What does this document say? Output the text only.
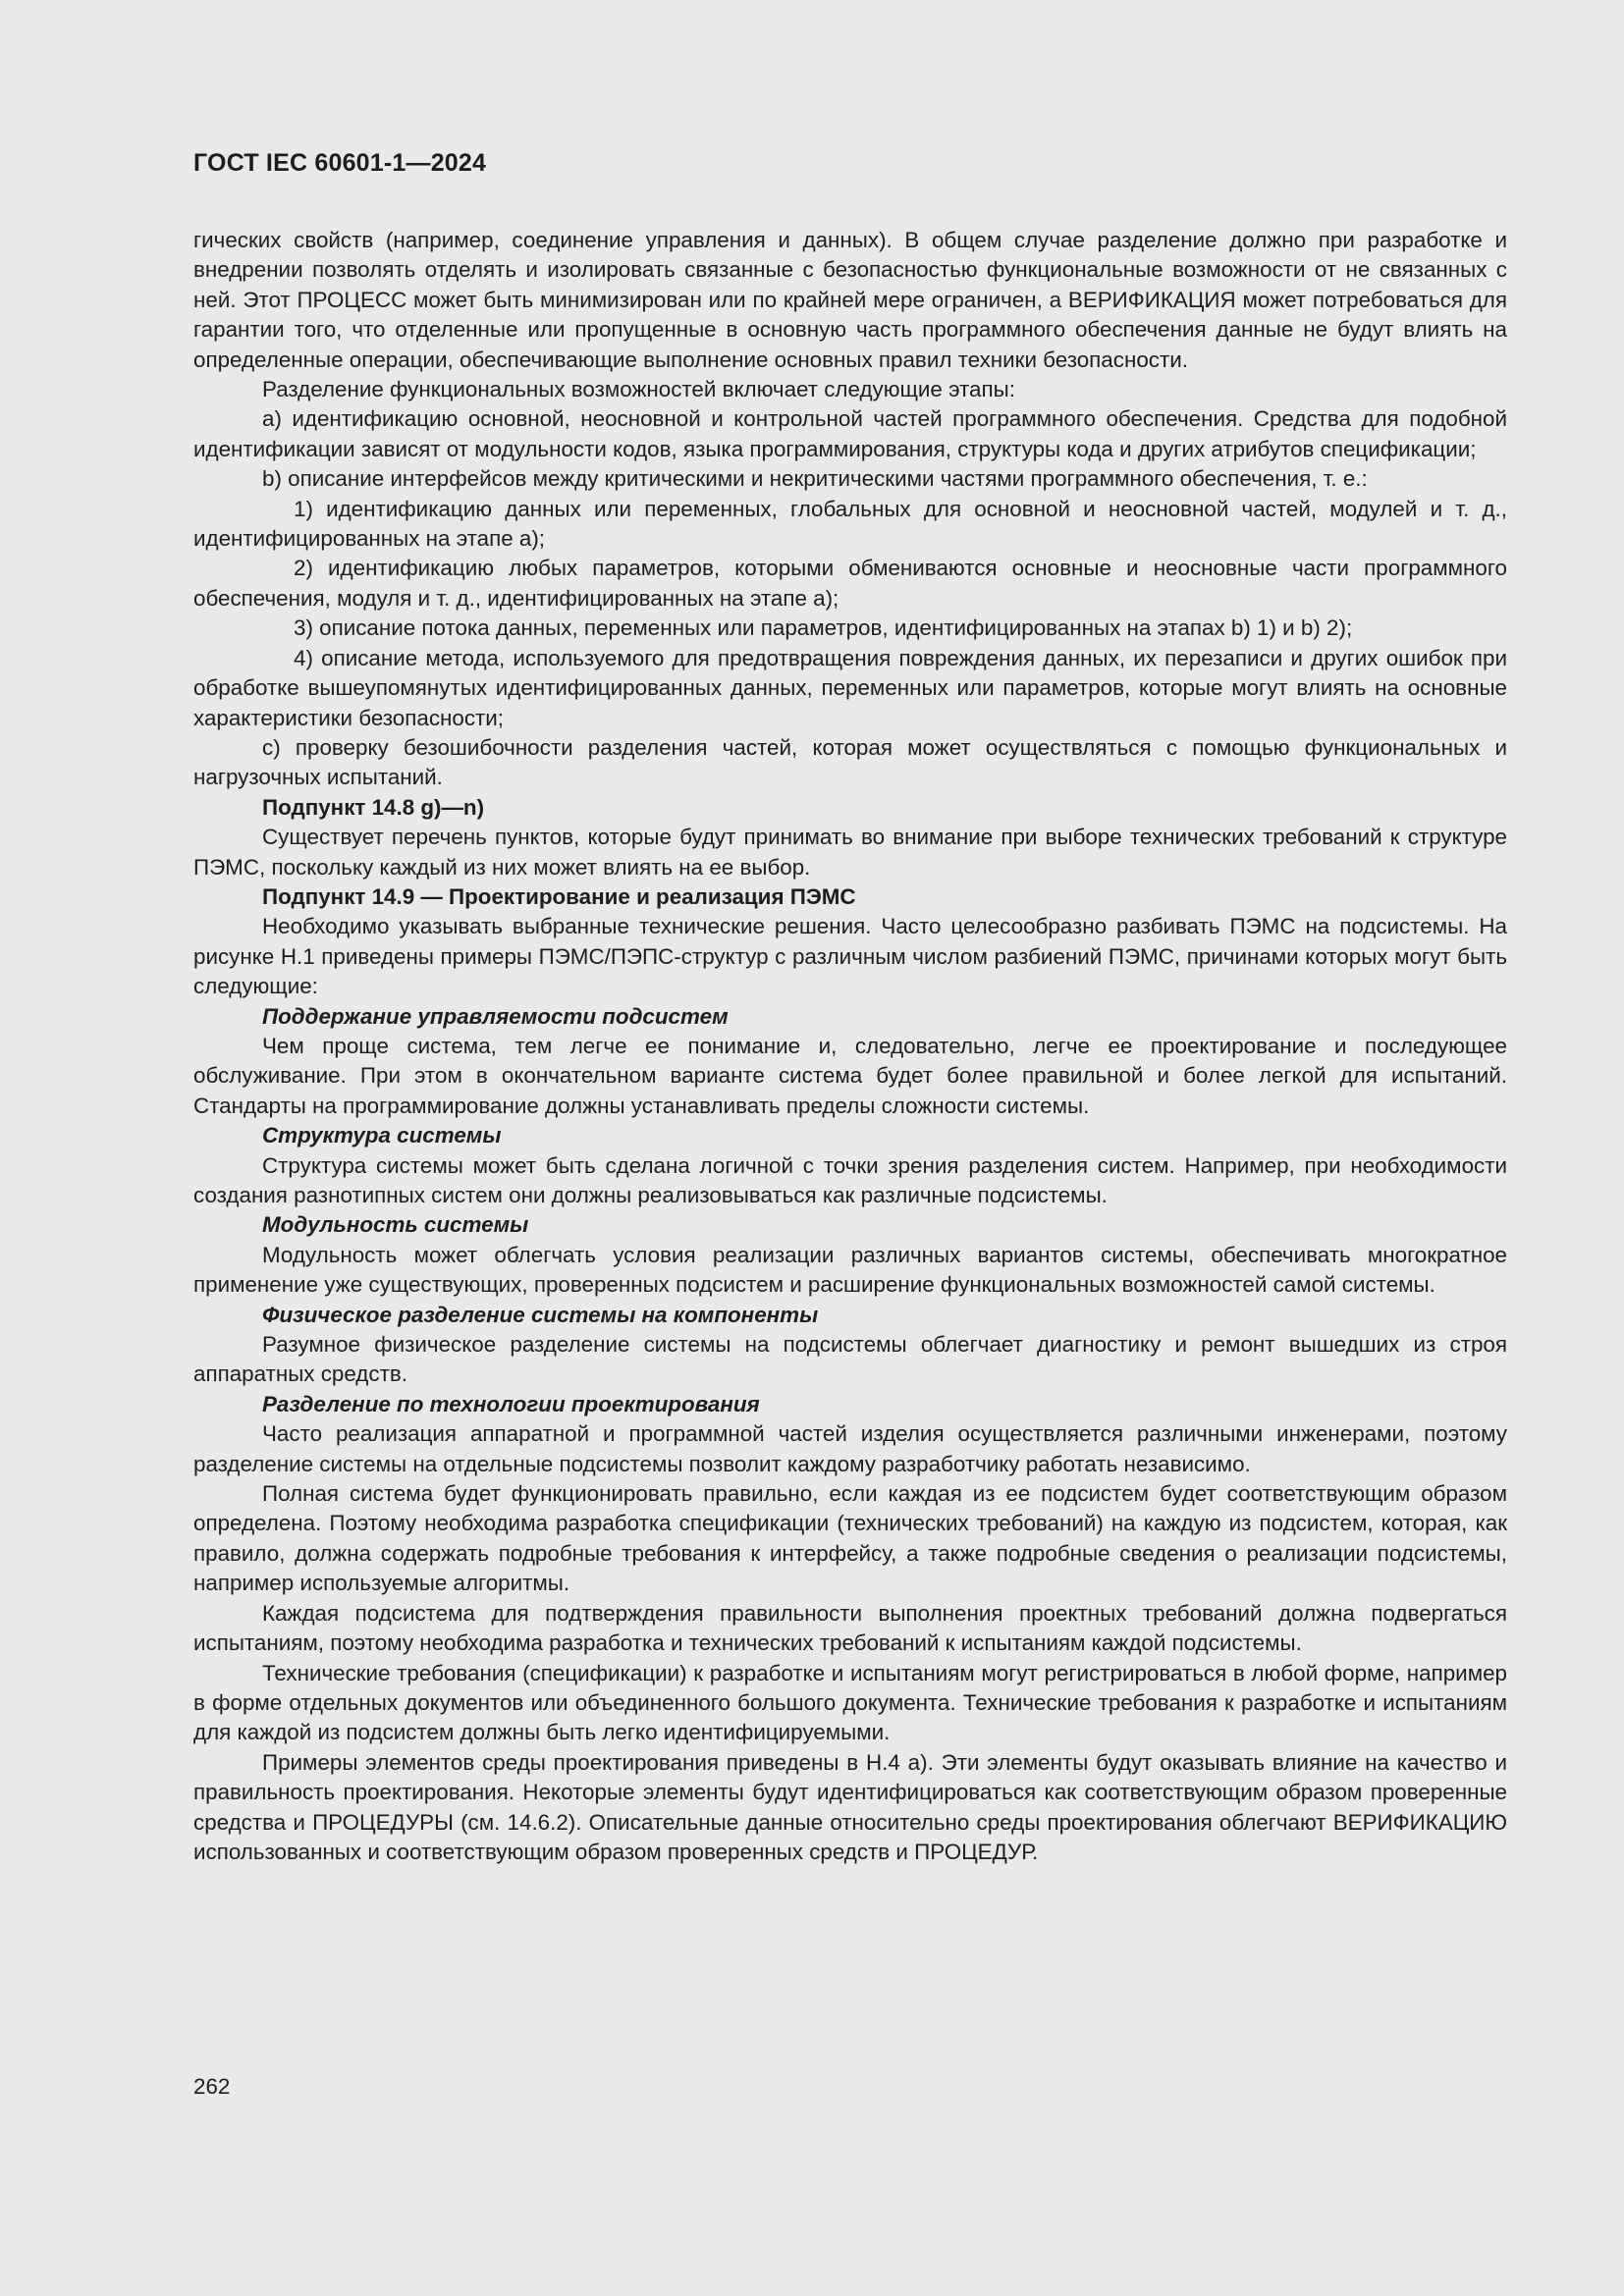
ГОСТ IEC 60601-1—2024

гических свойств (например, соединение управления и данных). В общем случае разделение должно при разработке и внедрении позволять отделять и изолировать связанные с безопасностью функциональные возможности от не связанных с ней. Этот ПРОЦЕСС может быть минимизирован или по крайней мере ограничен, а ВЕРИФИКАЦИЯ может потребоваться для гарантии того, что отделенные или пропущенные в основную часть программного обеспечения данные не будут влиять на определенные операции, обеспечивающие выполнение основных правил техники безопасности.

Разделение функциональных возможностей включает следующие этапы:

a) идентификацию основной, неосновной и контрольной частей программного обеспечения. Средства для подобной идентификации зависят от модульности кодов, языка программирования, структуры кода и других атрибутов спецификации;

b) описание интерфейсов между критическими и некритическими частями программного обеспечения, т. е.:

1) идентификацию данных или переменных, глобальных для основной и неосновной частей, модулей и т. д., идентифицированных на этапе а);

2) идентификацию любых параметров, которыми обмениваются основные и неосновные части программного обеспечения, модуля и т. д., идентифицированных на этапе а);

3) описание потока данных, переменных или параметров, идентифицированных на этапах b) 1) и b) 2);

4) описание метода, используемого для предотвращения повреждения данных, их перезаписи и других ошибок при обработке вышеупомянутых идентифицированных данных, переменных или параметров, которые могут влиять на основные характеристики безопасности;

c) проверку безошибочности разделения частей, которая может осуществляться с помощью функциональных и нагрузочных испытаний.

Подпункт 14.8 g)—n)

Существует перечень пунктов, которые будут принимать во внимание при выборе технических требований к структуре ПЭМС, поскольку каждый из них может влиять на ее выбор.

Подпункт 14.9 — Проектирование и реализация ПЭМС

Необходимо указывать выбранные технические решения. Часто целесообразно разбивать ПЭМС на подсистемы. На рисунке Н.1 приведены примеры ПЭМС/ПЭПС-структур с различным числом разбиений ПЭМС, причинами которых могут быть следующие:

Поддержание управляемости подсистем

Чем проще система, тем легче ее понимание и, следовательно, легче ее проектирование и последующее обслуживание. При этом в окончательном варианте система будет более правильной и более легкой для испытаний. Стандарты на программирование должны устанавливать пределы сложности системы.

Структура системы

Структура системы может быть сделана логичной с точки зрения разделения систем. Например, при необходимости создания разнотипных систем они должны реализовываться как различные подсистемы.

Модульность системы

Модульность может облегчать условия реализации различных вариантов системы, обеспечивать многократное применение уже существующих, проверенных подсистем и расширение функциональных возможностей самой системы.

Физическое разделение системы на компоненты

Разумное физическое разделение системы на подсистемы облегчает диагностику и ремонт вышедших из строя аппаратных средств.

Разделение по технологии проектирования

Часто реализация аппаратной и программной частей изделия осуществляется различными инженерами, поэтому разделение системы на отдельные подсистемы позволит каждому разработчику работать независимо.

Полная система будет функционировать правильно, если каждая из ее подсистем будет соответствующим образом определена. Поэтому необходима разработка спецификации (технических требований) на каждую из подсистем, которая, как правило, должна содержать подробные требования к интерфейсу, а также подробные сведения о реализации подсистемы, например используемые алгоритмы.

Каждая подсистема для подтверждения правильности выполнения проектных требований должна подвергаться испытаниям, поэтому необходима разработка и технических требований к испытаниям каждой подсистемы.

Технические требования (спецификации) к разработке и испытаниям могут регистрироваться в любой форме, например в форме отдельных документов или объединенного большого документа. Технические требования к разработке и испытаниям для каждой из подсистем должны быть легко идентифицируемыми.

Примеры элементов среды проектирования приведены в Н.4 а). Эти элементы будут оказывать влияние на качество и правильность проектирования. Некоторые элементы будут идентифицироваться как соответствующим образом проверенные средства и ПРОЦЕДУРЫ (см. 14.6.2). Описательные данные относительно среды проектирования облегчают ВЕРИФИКАЦИЮ использованных и соответствующим образом проверенных средств и ПРОЦЕДУР.

262
